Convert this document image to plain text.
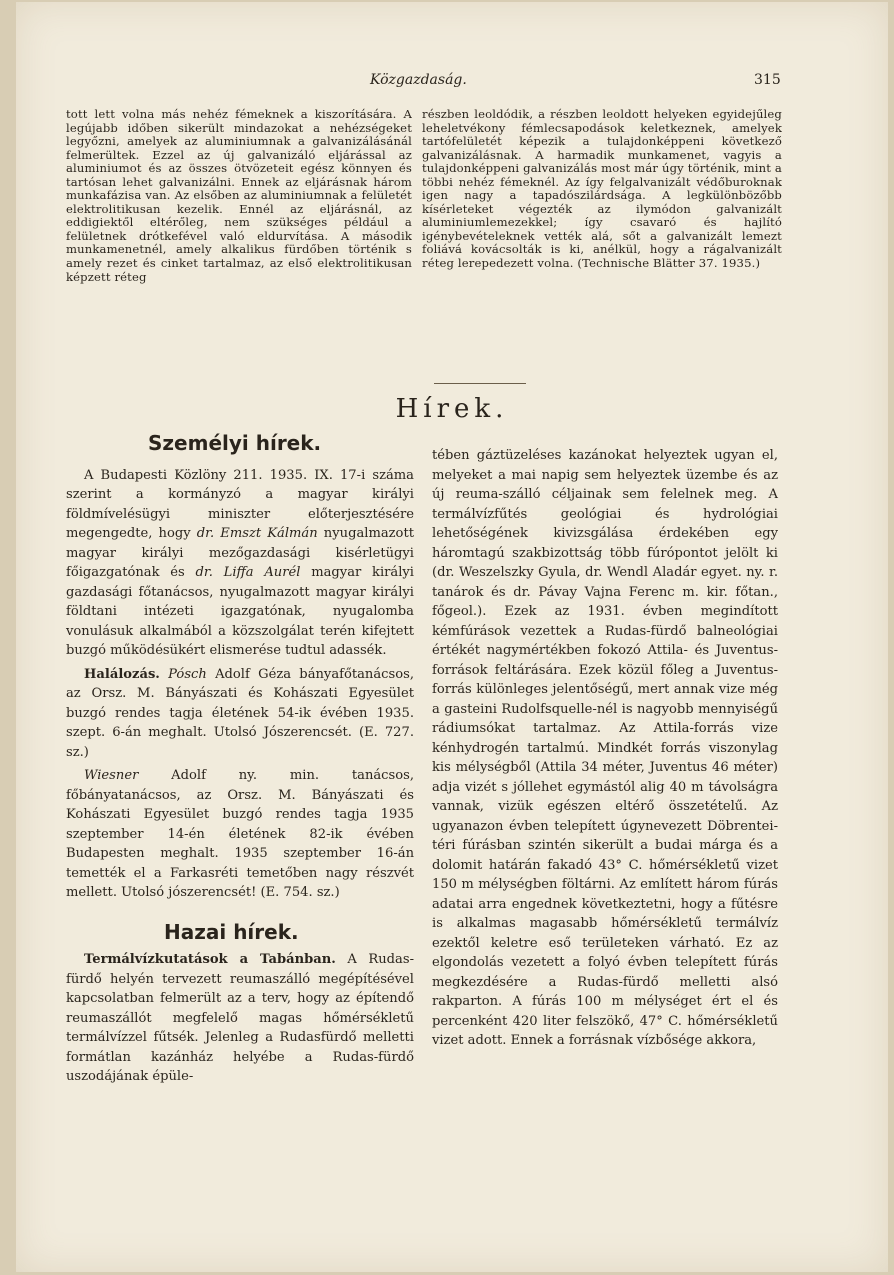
Közgazdaság.	315

tott lett volna más nehéz fémeknek a kiszorítására. A legújabb időben sikerült mindazokat a nehézségeket legyőzni, amelyek az aluminiumnak a galvanizálásánál felmerültek. Ezzel az új galvanizáló eljárással az aluminiumot és az összes ötvözeteit egész könnyen és tartósan lehet galvanizálni. Ennek az eljárásnak három munkafázisa van. Az elsőben az aluminiumnak a felületét elektrolitikusan kezelik. Ennél az eljárásnál, az eddigiektől eltérőleg, nem szükséges például a felületnek drótkefével való eldurvítása. A második munkamenetnél, amely alkalikus fürdőben történik s amely rezet és cinket tartalmaz, az első elektrolitikusan képzett réteg

részben leoldódik, a részben leoldott helyeken egyidejűleg leheletvékony fémlecsapodások keletkeznek, amelyek tartófelületét képezik a tulajdonképpeni következő galvanizálásnak. A harmadik munkamenet, vagyis a tulajdonképpeni galvanizálás most már úgy történik, mint a többi nehéz fémeknél. Az így felgalvanizált védőburoknak igen nagy a tapadószilárdsága. A legkülönbözőbb kísérleteket végezték az ilymódon galvanizált aluminiumlemezekkel; így csavaró és hajlító igénybevételeknek vették alá, sőt a galvanizált lemezt foliává kovácsolták is ki, anélkül, hogy a rágalvanizált réteg lerepedezett volna. (Technische Blätter 37. 1935.)

Hírek.
Személyi hírek.

A Budapesti Közlöny 211. 1935. IX. 17-i száma szerint a kormányzó a magyar királyi földmívelésügyi miniszter előterjesztésére megengedte, hogy dr. Emszt Kálmán nyugalmazott magyar királyi mezőgazdasági kisérletügyi főigazgatónak és dr. Liffa Aurél magyar királyi gazdasági főtanácsos, nyugalmazott magyar királyi földtani intézeti igazgatónak, nyugalomba vonulásuk alkalmából a közszolgálat terén kifejtett buzgó működésükért elismerése tudtul adassék.

Halálozás. Pósch Adolf Géza bányafőtanácsos, az Orsz. M. Bányászati és Kohászati Egyesület buzgó rendes tagja életének 54-ik évében 1935. szept. 6-án meghalt. Utolsó Jószerencsét. (E. 727. sz.)

Wiesner Adolf ny. min. tanácsos, főbányatanácsos, az Orsz. M. Bányászati és Kohászati Egyesület buzgó rendes tagja 1935 szeptember 14-én életének 82-ik évében Budapesten meghalt. 1935 szeptember 16-án temették el a Farkasréti temetőben nagy részvét mellett. Utolsó jószerencsét! (E. 754. sz.)

Hazai hírek.

Termálvízkutatások a Tabánban. A Rudas-fürdő helyén tervezett reumaszálló megépítésével kapcsolatban felmerült az a terv, hogy az építendő reumaszállót megfelelő magas hőmérsékletű termálvízzel fűtsék. Jelenleg a Rudasfürdő melletti formátlan kazánház helyébe a Rudas-fürdő uszodájának épüle-

tében gáztüzeléses kazánokat helyeztek ugyan el, melyeket a mai napig sem helyeztek üzembe és az új reuma-szálló céljainak sem felelnek meg. A termálvízfűtés geológiai és hydrológiai lehetőségének kivizsgálása érdekében egy háromtagú szakbizottság több fúrópontot jelölt ki (dr. Weszelszky Gyula, dr. Wendl Aladár egyet. ny. r. tanárok és dr. Pávay Vajna Ferenc m. kir. főtan., főgeol.). Ezek az 1931. évben megindított kémfúrások vezettek a Rudas-fürdő balneológiai értékét nagymértékben fokozó Attila- és Juventus-források feltárására. Ezek közül főleg a Juventus-forrás különleges jelentőségű, mert annak vize még a gasteini Rudolfsquelle-nél is nagyobb mennyiségű rádiumsókat tartalmaz. Az Attila-forrás vize kénhydrogén tartalmú. Mindkét forrás viszonylag kis mélységből (Attila 34 méter, Juventus 46 méter) adja vizét s jóllehet egymástól alig 40 m távolságra vannak, vizük egészen eltérő összetételű. Az ugyanazon évben telepített úgynevezett Döbrentei-téri fúrásban szintén sikerült a budai márga és a dolomit határán fakadó 43° C. hőmérsékletű vizet 150 m mélységben föltárni. Az említett három fúrás adatai arra engednek következtetni, hogy a fűtésre is alkalmas magasabb hőmérsékletű termálvíz ezektől keletre eső területeken várható. Ez az elgondolás vezetett a folyó évben telepített fúrás megkezdésére a Rudas-fürdő melletti alsó rakparton. A fúrás 100 m mélységet ért el és percenként 420 liter felszökő, 47° C. hőmérsékletű vizet adott. Ennek a forrásnak vízbősége akkora,
